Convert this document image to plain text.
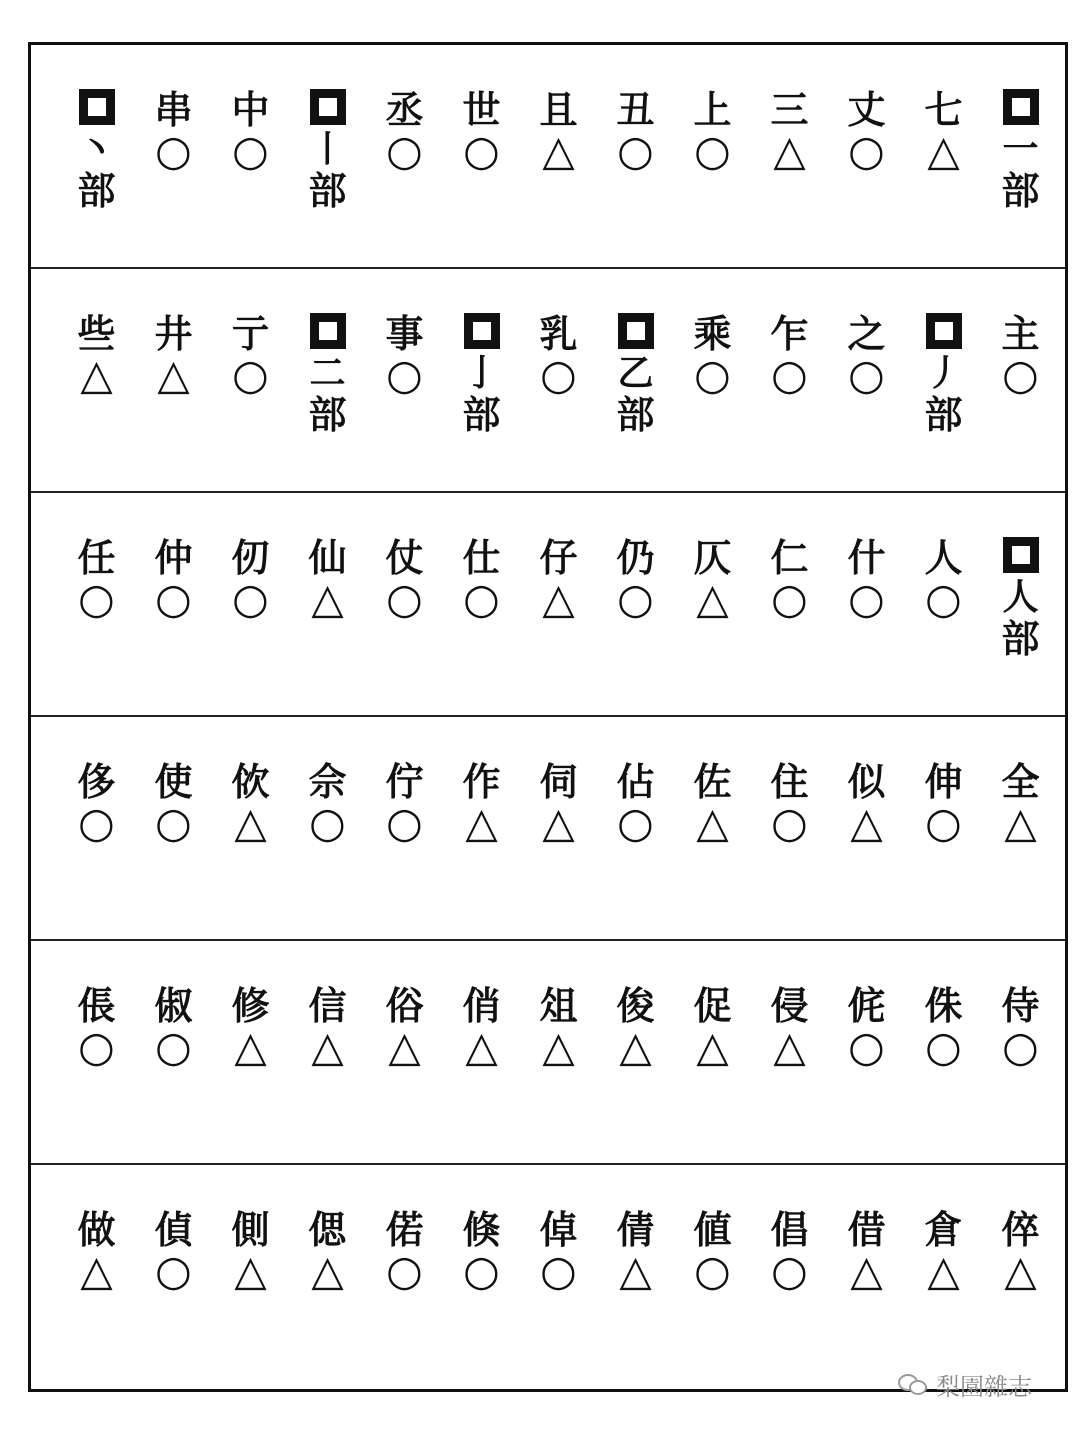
一
部
七
△
丈
○
三
△
上
○
丑
○
且
△
世
○
丞
○
丨
部
中
○
串
○
丶
部
主
○
丿
部
之
○
乍
○
乘
○
乙
部
乳
○
亅
部
事
○
二
部
亍
○
井
△
些
△
人
部
人
○
什
○
仁
○
仄
△
仍
○
仔
△
仕
○
仗
○
仙
△
仞
○
仲
○
任
○
全
△
伸
○
似
△
住
○
佐
△
佔
○
伺
△
作
△
佇
○
佘
○
佽
△
使
○
侈
○
侍
○
侏
○
侂
○
侵
△
促
△
俊
△
俎
△
俏
△
俗
△
信
△
修
△
俶
○
倀
○
倅
△
倉
△
借
△
倡
○
値
○
倩
△
倬
○
倏
○
偌
○
偲
△
側
△
偵
○
做
△
梨園雜志
